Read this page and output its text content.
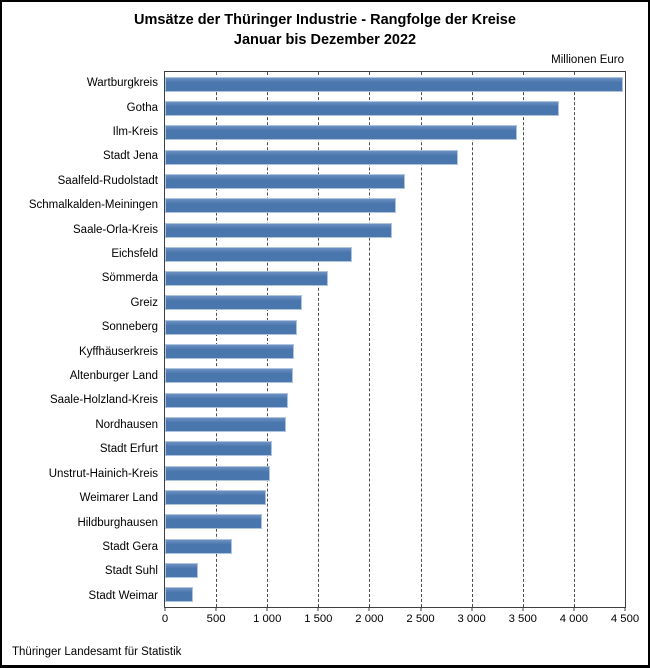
Umsätze der Thüringer Industrie - Rangfolge der Kreise
Januar bis Dezember 2022
Millionen Euro
Wartburgkreis
Gotha
Ilm-Kreis
Stadt Jena
Saalfeld-Rudolstadt
Schmalkalden-Meiningen
Saale-Orla-Kreis
Eichsfeld
Sömmerda
Greiz
Sonneberg
Kyffhäuserkreis
Altenburger Land
Saale-Holzland-Kreis
Nordhausen
Stadt Erfurt
Unstrut-Hainich-Kreis
Weimarer Land
Hildburghausen
Stadt Gera
Stadt Suhl
Stadt Weimar
0	500 1 000 1 500 2 000 2 500 3 000 3 500 4 000 4 500
Thüringer Landesamt für Statistik
